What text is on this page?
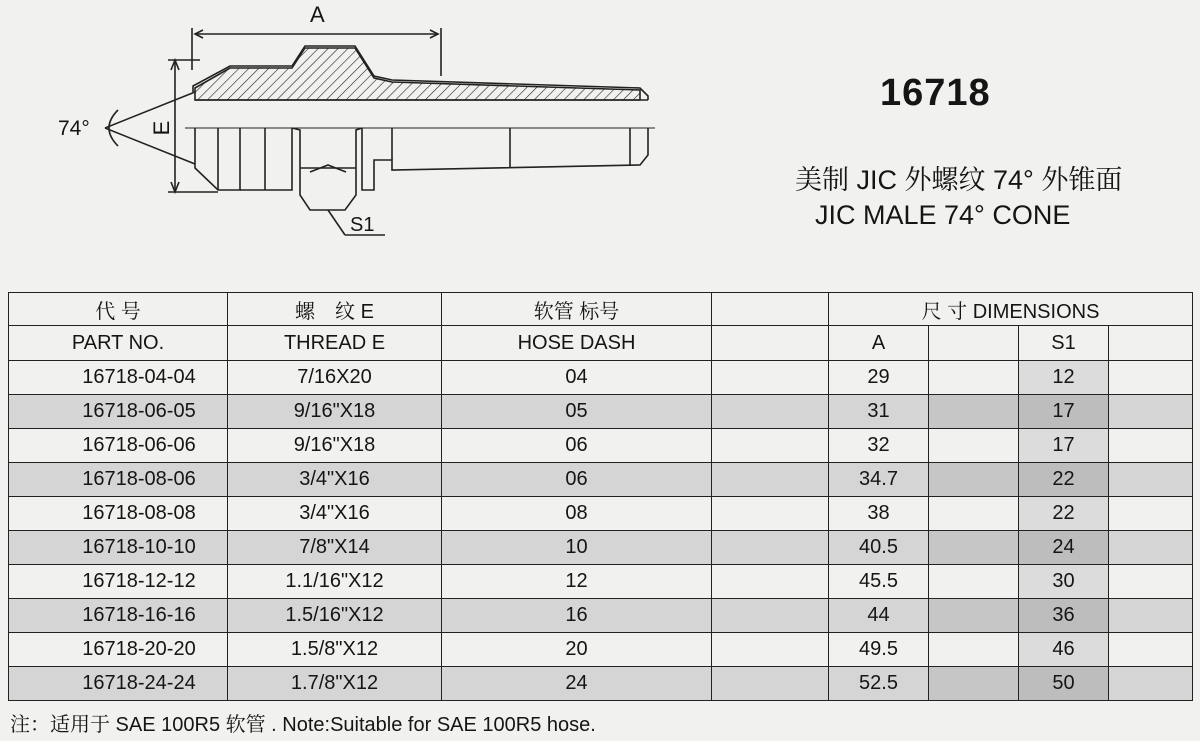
A
E
74°
S1
16718
美制 JIC 外螺纹 74° 外锥面
JIC MALE 74° CONE
代 号	螺　纹 E	软管 标号		尺 寸 DIMENSIONS			
PART NO.	THREAD E	HOSE DASH		A		S1	
16718-04-04	7/16X20	04		29		12	
16718-06-05	9/16"X18	05		31		17	
16718-06-06	9/16"X18	06		32		17	
16718-08-06	3/4"X16	06		34.7		22	
16718-08-08	3/4"X16	08		38		22	
16718-10-10	7/8"X14	10		40.5		24	
16718-12-12	1.1/16"X12	12		45.5		30	
16718-16-16	1.5/16"X12	16		44		36	
16718-20-20	1.5/8"X12	20		49.5		46	
16718-24-24	1.7/8"X12	24		52.5		50	
注：适用于 SAE 100R5 软管 . Note:Suitable for SAE 100R5 hose.
